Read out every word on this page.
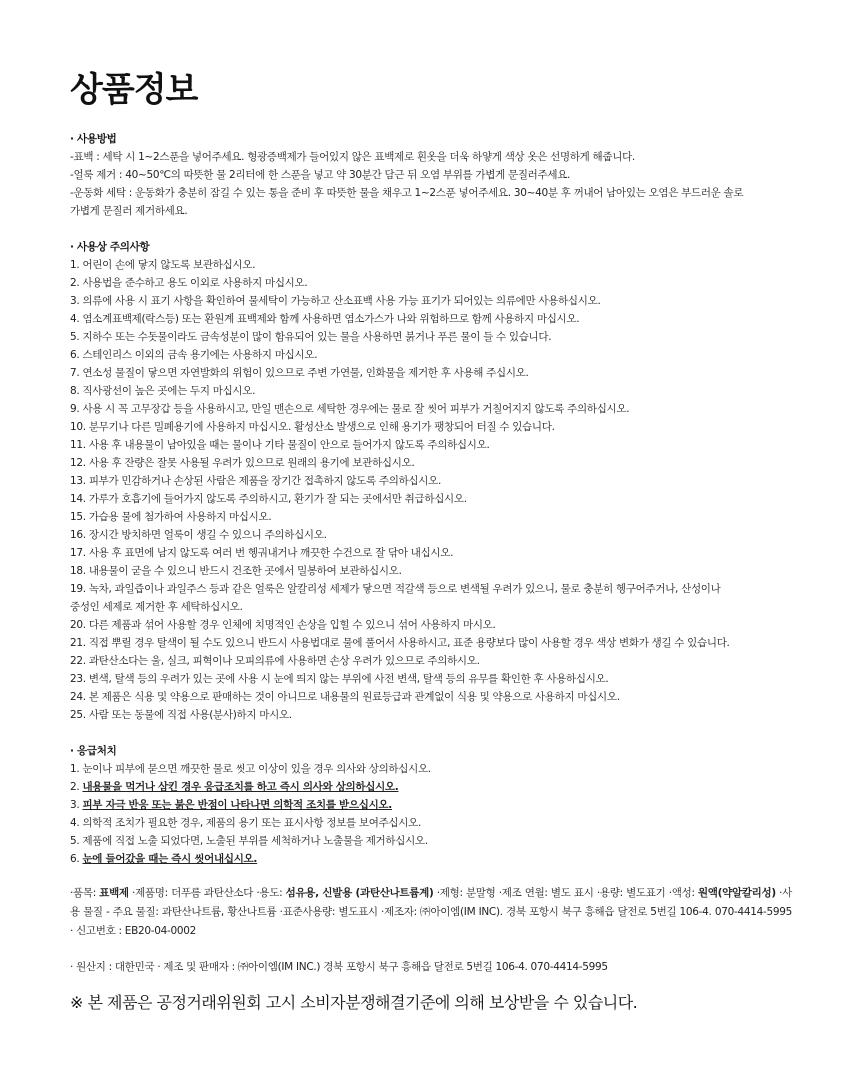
상품정보
· 사용방법
-표백 : 세탁 시 1~2스푼을 넣어주세요. 형광증백제가 들어있지 않은 표백제로 흰옷을 더욱 하얗게 색상 옷은 선명하게 해줍니다.
-얼룩 제거 : 40~50℃의 따뜻한 물 2리터에 한 스푼을 넣고 약 30분간 담근 뒤 오염 부위를 가볍게 문질러주세요.
-운동화 세탁 : 운동화가 충분히 잠길 수 있는 통을 준비 후 따뜻한 물을 채우고 1~2스푼 넣어주세요. 30~40분 후 꺼내어 남아있는 오염은 부드러운 솔로
가볍게 문질러 제거하세요.
· 사용상 주의사항
1. 어린이 손에 닿지 않도록 보관하십시오.
2. 사용법을 준수하고 용도 이외로 사용하지 마십시오.
3. 의류에 사용 시 표기 사항을 확인하여 물세탁이 가능하고 산소표백 사용 가능 표기가 되어있는 의류에만 사용하십시오.
4. 염소계표백제(락스등) 또는 환원계 표백제와 함께 사용하면 염소가스가 나와 위험하므로 함께 사용하지 마십시오.
5. 지하수 또는 수돗물이라도 금속성분이 많이 함유되어 있는 물을 사용하면 붉거나 푸른 물이 들 수 있습니다.
6. 스테인리스 이외의 금속 용기에는 사용하지 마십시오.
7. 연소성 물질이 닿으면 자연발화의 위험이 있으므로 주변 가연물, 인화물을 제거한 후 사용해 주십시오.
8. 직사광선이 높은 곳에는 두지 마십시오.
9. 사용 시 꼭 고무장갑 등을 사용하시고, 만일 맨손으로 세탁한 경우에는 물로 잘 씻어 피부가 거칠어지지 않도록 주의하십시오.
10. 분무기나 다른 밀폐용기에 사용하지 마십시오. 활성산소 발생으로 인해 용기가 팽창되어 터질 수 있습니다.
11. 사용 후 내용물이 남아있을 때는 물이나 기타 물질이 안으로 들어가지 않도록 주의하십시오.
12. 사용 후 잔량은 잘못 사용될 우려가 있으므로 원래의 용기에 보관하십시오.
13. 피부가 민감하거나 손상된 사람은 제품을 장기간 접촉하지 않도록 주의하십시오.
14. 가루가 호흡기에 들어가지 않도록 주의하시고, 환기가 잘 되는 곳에서만 취급하십시오.
15. 가습용 물에 첨가하여 사용하지 마십시오.
16. 장시간 방치하면 얼룩이 생길 수 있으니 주의하십시오.
17. 사용 후 표면에 남지 않도록 여러 번 헹궈내거나 깨끗한 수건으로 잘 닦아 내십시오.
18. 내용물이 굳을 수 있으니 반드시 건조한 곳에서 밀봉하여 보관하십시오.
19. 녹차, 과일즙이나 과일주스 등과 같은 얼룩은 알칼리성 세제가 닿으면 적갈색 등으로 변색될 우려가 있으니, 물로 충분히 헹구어주거나, 산성이나
중성인 세제로 제거한 후 세탁하십시오.
20. 다른 제품과 섞어 사용할 경우 인체에 치명적인 손상을 입힐 수 있으니 섞어 사용하지 마시오.
21. 직접 뿌릴 경우 탈색이 될 수도 있으니 반드시 사용법대로 물에 풀어서 사용하시고, 표준 용량보다 많이 사용할 경우 색상 변화가 생길 수 있습니다.
22. 과탄산소다는 울, 실크, 피혁이나 모피의류에 사용하면 손상 우려가 있으므로 주의하시오.
23. 변색, 탈색 등의 우려가 있는 곳에 사용 시 눈에 띄지 않는 부위에 사전 변색, 탈색 등의 유무를 확인한 후 사용하십시오.
24. 본 제품은 식용 및 약용으로 판매하는 것이 아니므로 내용물의 원료등급과 관계없이 식용 및 약용으로 사용하지 마십시오.
25. 사람 또는 동물에 직접 사용(분사)하지 마시오.
· 응급처치
1. 눈이나 피부에 묻으면 깨끗한 물로 씻고 이상이 있을 경우 의사와 상의하십시오.
2. 내용물을 먹거나 삼킨 경우 응급조치를 하고 즉시 의사와 상의하십시오.
3. 피부 자극 반응 또는 붉은 반점이 나타나면 의학적 조치를 받으십시오.
4. 의학적 조치가 필요한 경우, 제품의 용기 또는 표시사항 정보를 보여주십시오.
5. 제품에 직접 노출 되었다면, 노출된 부위를 세척하거나 노출물을 제거하십시오.
6. 눈에 들어갔을 때는 즉시 씻어내십시오.
·품목: 표백제 ·제품명: 더푸름 과탄산소다 ·용도: 섬유용, 신발용 (과탄산나트륨계) ·제형: 분말형 ·제조 연월: 별도 표시 ·용량: 별도표기 ·액성: 원액(약알칼리성) ·사용 물질 - 주요 물질: 과탄산나트륨, 황산나트륨 ·표준사용량: 별도표시 ·제조자: ㈜아이엠(IM INC). 경북 포항시 북구 흥해읍 달전로 5번길 106-4. 070-4414-5995 · 신고번호 : EB20-04-0002
· 원산지 : 대한민국 · 제조 및 판매자 : ㈜아이엠(IM INC.) 경북 포항시 북구 흥해읍 달전로 5번길 106-4. 070-4414-5995
※ 본 제품은 공정거래위원회 고시 소비자분쟁해결기준에 의해 보상받을 수 있습니다.
